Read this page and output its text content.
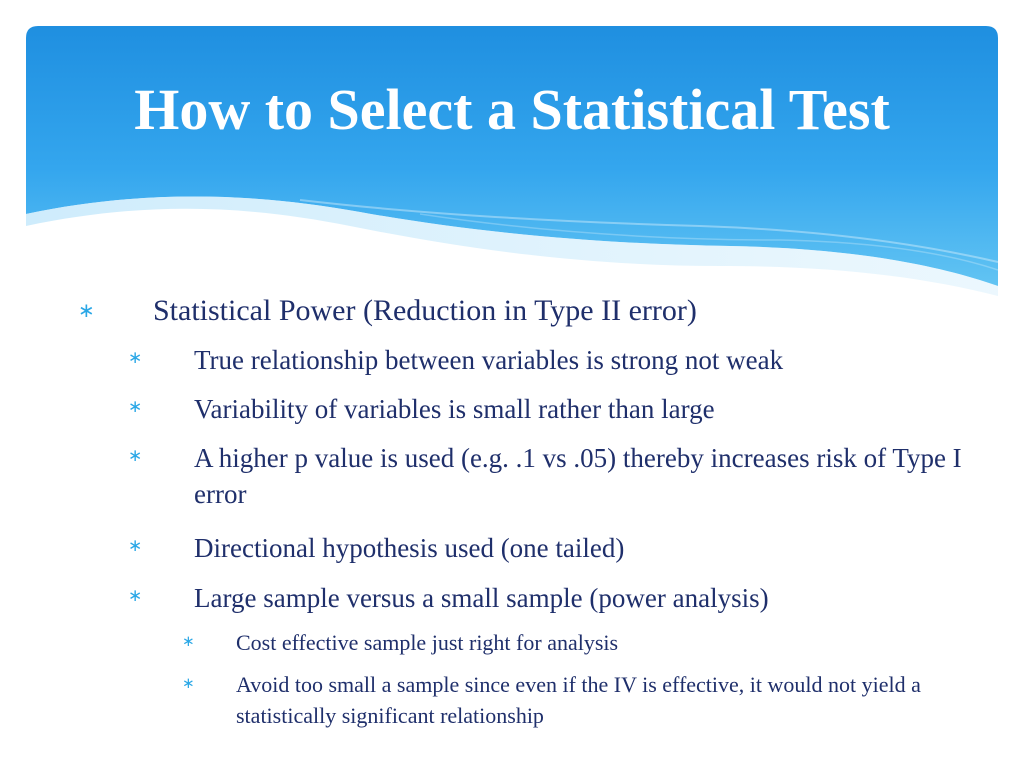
How to Select a Statistical Test
∗ Statistical Power (Reduction in Type II error)
∗ True relationship between variables is strong not weak
∗ Variability of variables is small rather than large
∗ A higher p value is used (e.g. .1 vs .05) thereby increases risk of Type I error
∗ Directional hypothesis used (one tailed)
∗ Large sample versus a small sample (power analysis)
∗ Cost effective sample just right for analysis
∗ Avoid too small a sample since even if the IV is effective, it would not yield a statistically significant relationship
